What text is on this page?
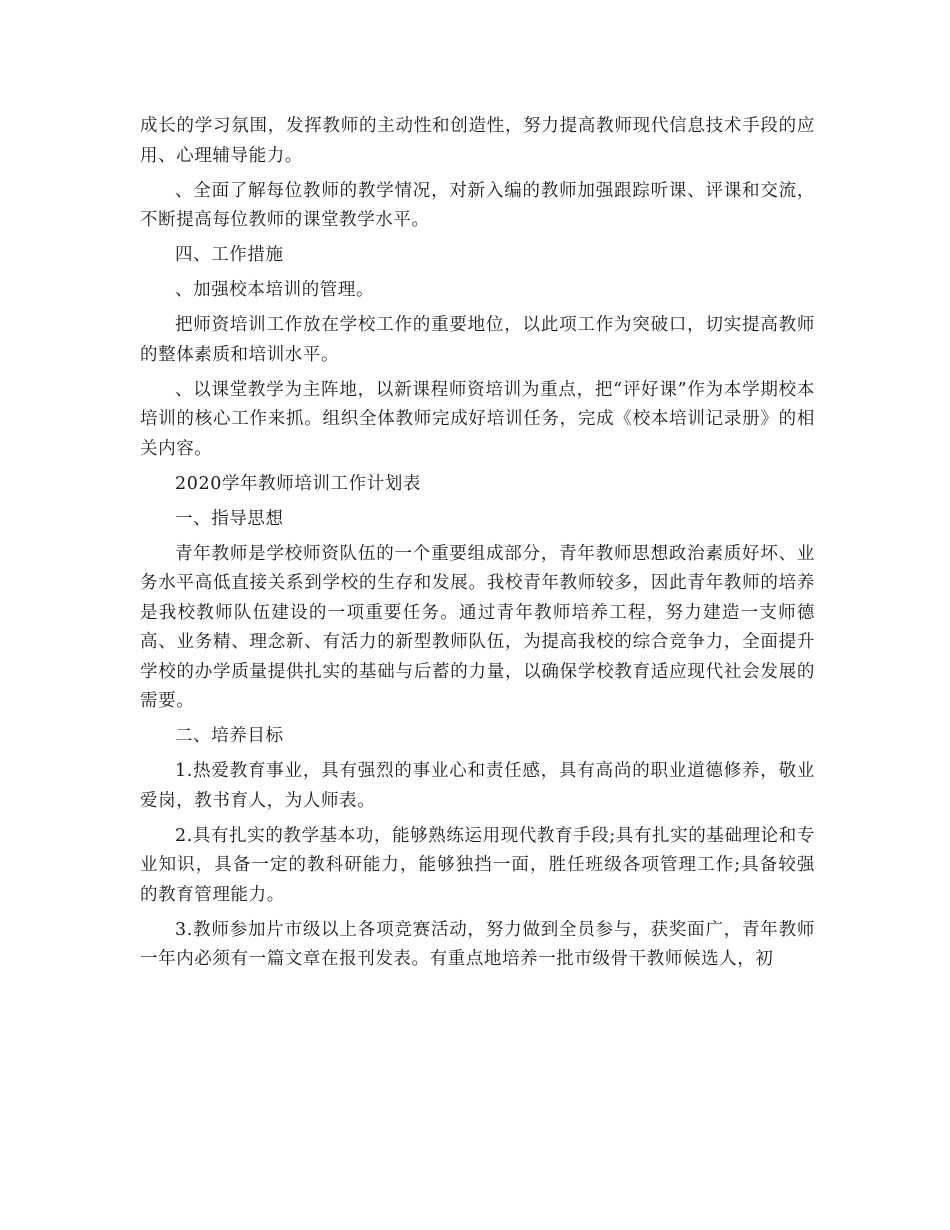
成长的学习氛围，发挥教师的主动性和创造性，努力提高教师现代信息技术手段的应用、心理辅导能力。

、全面了解每位教师的教学情况，对新入编的教师加强跟踪听课、评课和交流，不断提高每位教师的课堂教学水平。

四、工作措施

、加强校本培训的管理。

把师资培训工作放在学校工作的重要地位，以此项工作为突破口，切实提高教师的整体素质和培训水平。

、以课堂教学为主阵地，以新课程师资培训为重点，把“评好课”作为本学期校本培训的核心工作来抓。组织全体教师完成好培训任务，完成《校本培训记录册》的相关内容。

2020学年教师培训工作计划表

一、指导思想

青年教师是学校师资队伍的一个重要组成部分，青年教师思想政治素质好坏、业务水平高低直接关系到学校的生存和发展。我校青年教师较多，因此青年教师的培养是我校教师队伍建设的一项重要任务。通过青年教师培养工程，努力建造一支师德高、业务精、理念新、有活力的新型教师队伍，为提高我校的综合竞争力，全面提升学校的办学质量提供扎实的基础与后蓄的力量，以确保学校教育适应现代社会发展的需要。

二、培养目标

1.热爱教育事业，具有强烈的事业心和责任感，具有高尚的职业道德修养，敬业爱岗，教书育人，为人师表。

2.具有扎实的教学基本功，能够熟练运用现代教育手段;具有扎实的基础理论和专业知识，具备一定的教科研能力，能够独挡一面，胜任班级各项管理工作;具备较强的教育管理能力。

3.教师参加片市级以上各项竞赛活动，努力做到全员参与，获奖面广，青年教师一年内必须有一篇文章在报刊发表。有重点地培养一批市级骨干教师候选人，初
